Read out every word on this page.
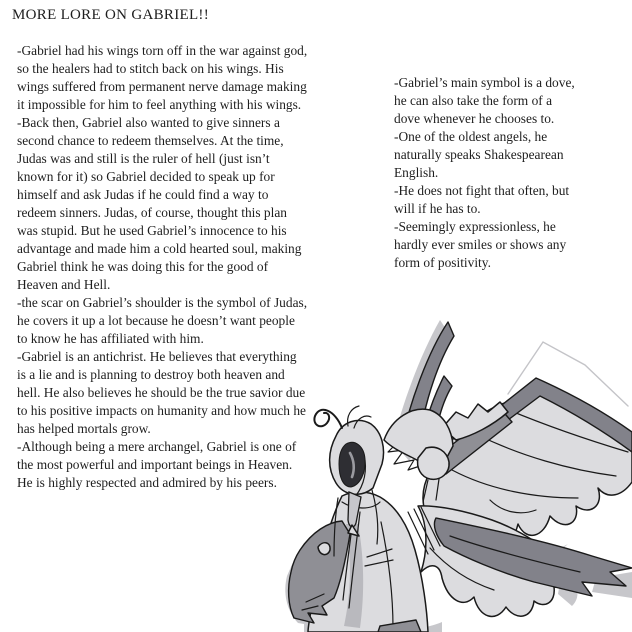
MORE LORE ON GABRIEL!!

-Gabriel had his wings torn off in the war against god, so the healers had to stitch back on his wings. His wings suffered from permanent nerve damage making it impossible for him to feel anything with his wings.

-Back then, Gabriel also wanted to give sinners a second chance to redeem themselves. At the time, Judas was and still is the ruler of hell (just isn’t known for it) so Gabriel decided to speak up for himself and ask Judas if he could find a way to redeem sinners. Judas, of course, thought this plan was stupid. But he used Gabriel’s innocence to his advantage and made him a cold hearted soul, making Gabriel think he was doing this for the good of Heaven and Hell.

-the scar on Gabriel’s shoulder is the symbol of Judas, he covers it up a lot because he doesn’t want people to know he has affiliated with him.

-Gabriel is an antichrist. He believes that everything is a lie and is planning to destroy both heaven and hell. He also believes he should be the true savior due to his positive impacts on humanity and how much he has helped mortals grow.

-Although being a mere archangel, Gabriel is one of the most powerful and important beings in Heaven. He is highly respected and admired by his peers.

-Gabriel’s main symbol is a dove, he can also take the form of a dove whenever he chooses to.

-One of the oldest angels, he naturally speaks Shakespearean English.

-He does not fight that often, but will if he has to.

-Seemingly expressionless, he hardly ever smiles or shows any form of positivity.
